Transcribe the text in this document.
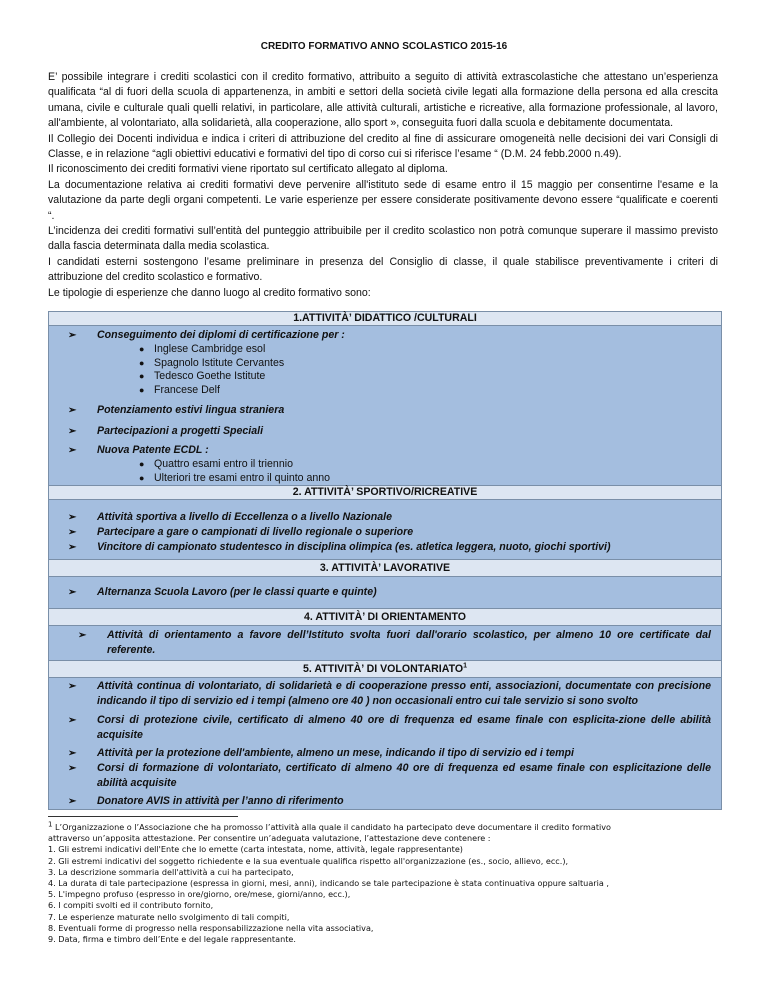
CREDITO FORMATIVO ANNO SCOLASTICO 2015-16

E’ possibile integrare i crediti scolastici con il credito formativo, attribuito a seguito di attività extrascolastiche che attestano un’esperienza qualificata “al di fuori della scuola di appartenenza, in ambiti e settori della società civile legati alla formazione della persona ed alla crescita umana, civile e culturale quali quelli relativi, in particolare, alle attività culturali, artistiche e ricreative, alla formazione professionale, al lavoro, all'ambiente, al volontariato, alla solidarietà, alla cooperazione, allo sport », conseguita fuori dalla scuola e debitamente documentata.

Il Collegio dei Docenti individua e indica i criteri di attribuzione del credito al fine di assicurare omogeneità nelle decisioni dei vari Consigli di Classe, e in relazione “agli obiettivi educativi e formativi del tipo di corso cui si riferisce l’esame “ (D.M. 24 febb.2000 n.49).

Il riconoscimento dei crediti formativi viene riportato sul certificato allegato al diploma.

La documentazione relativa ai crediti formativi deve pervenire all'istituto sede di esame entro il 15 maggio per consentirne l'esame e la valutazione da parte degli organi competenti. Le varie esperienze per essere considerate positivamente devono essere “qualificate e coerenti “.

L’incidenza dei crediti formativi sull’entità del punteggio attribuibile per il credito scolastico non potrà comunque superare il massimo previsto dalla fascia determinata dalla media scolastica.

I candidati esterni sostengono l’esame preliminare in presenza del Consiglio di classe, il quale stabilisce preventivamente i criteri di attribuzione del credito scolastico e formativo.

Le tipologie di esperienze che danno luogo al credito formativo sono:

1.ATTIVITÀ’ DIDATTICO /CULTURALI
➢ Conseguimento dei diplomi di certificazione per :
● Inglese Cambridge esol
● Spagnolo Istitute Cervantes
● Tedesco Goethe Istitute
● Francese Delf
➢ Potenziamento estivi lingua straniera
➢ Partecipazioni a progetti Speciali
➢ Nuova Patente ECDL :
● Quattro esami entro il triennio
● Ulteriori tre esami entro il quinto anno
2. ATTIVITÀ’ SPORTIVO/RICREATIVE
➢ Attività sportiva a livello di Eccellenza o a livello Nazionale
➢ Partecipare a gare o campionati di livello regionale o superiore
➢ Vincitore di campionato studentesco in disciplina olimpica (es. atletica leggera, nuoto, giochi sportivi)
3. ATTIVITÀ’ LAVORATIVE
➢ Alternanza Scuola Lavoro (per le classi quarte e quinte)
4. ATTIVITÀ’ DI ORIENTAMENTO
➢ Attività di orientamento a favore dell’Istituto svolta fuori dall'orario scolastico, per almeno 10 ore certificate dal referente.
5. ATTIVITÀ’ DI VOLONTARIATO$^1$
➢ Attività continua di volontariato, di solidarietà e di cooperazione presso enti, associazioni, documentate con precisione indicando il tipo di servizio ed i tempi (almeno ore 40 ) non occasionali entro cui tale servizio si sono svolto
➢ Corsi di protezione civile, certificato di almeno 40 ore di frequenza ed esame finale con esplicita-zione delle abilità acquisite
➢ Attività per la protezione dell'ambiente, almeno un mese, indicando il tipo di servizio ed i tempi
➢ Corsi di formazione di volontariato, certificato di almeno 40 ore di frequenza ed esame finale con esplicitazione delle abilità acquisite
➢ Donatore AVIS in attività per l’anno di riferimento
$^1$ L’Organizzazione o l’Associazione che ha promosso l’attività alla quale il candidato ha partecipato deve documentare il credito formativo
attraverso un’apposita attestazione. Per consentire un’adeguata valutazione, l’attestazione deve contenere :
1. Gli estremi indicativi dell'Ente che lo emette (carta intestata, nome, attività, legale rappresentante)
2. Gli estremi indicativi del soggetto richiedente e la sua eventuale qualifica rispetto all'organizzazione (es., socio, allievo, ecc.),
3. La descrizione sommaria dell'attività a cui ha partecipato,
4. La durata di tale partecipazione (espressa in giorni, mesi, anni), indicando se tale partecipazione è stata continuativa oppure saltuaria ,
5. L'impegno profuso (espresso in ore/giorno, ore/mese, giorni/anno, ecc.),
6. I compiti svolti ed il contributo fornito,
7. Le esperienze maturate nello svolgimento di tali compiti,
8. Eventuali forme di progresso nella responsabilizzazione nella vita associativa,
9. Data, firma e timbro dell’Ente e del legale rappresentante.
